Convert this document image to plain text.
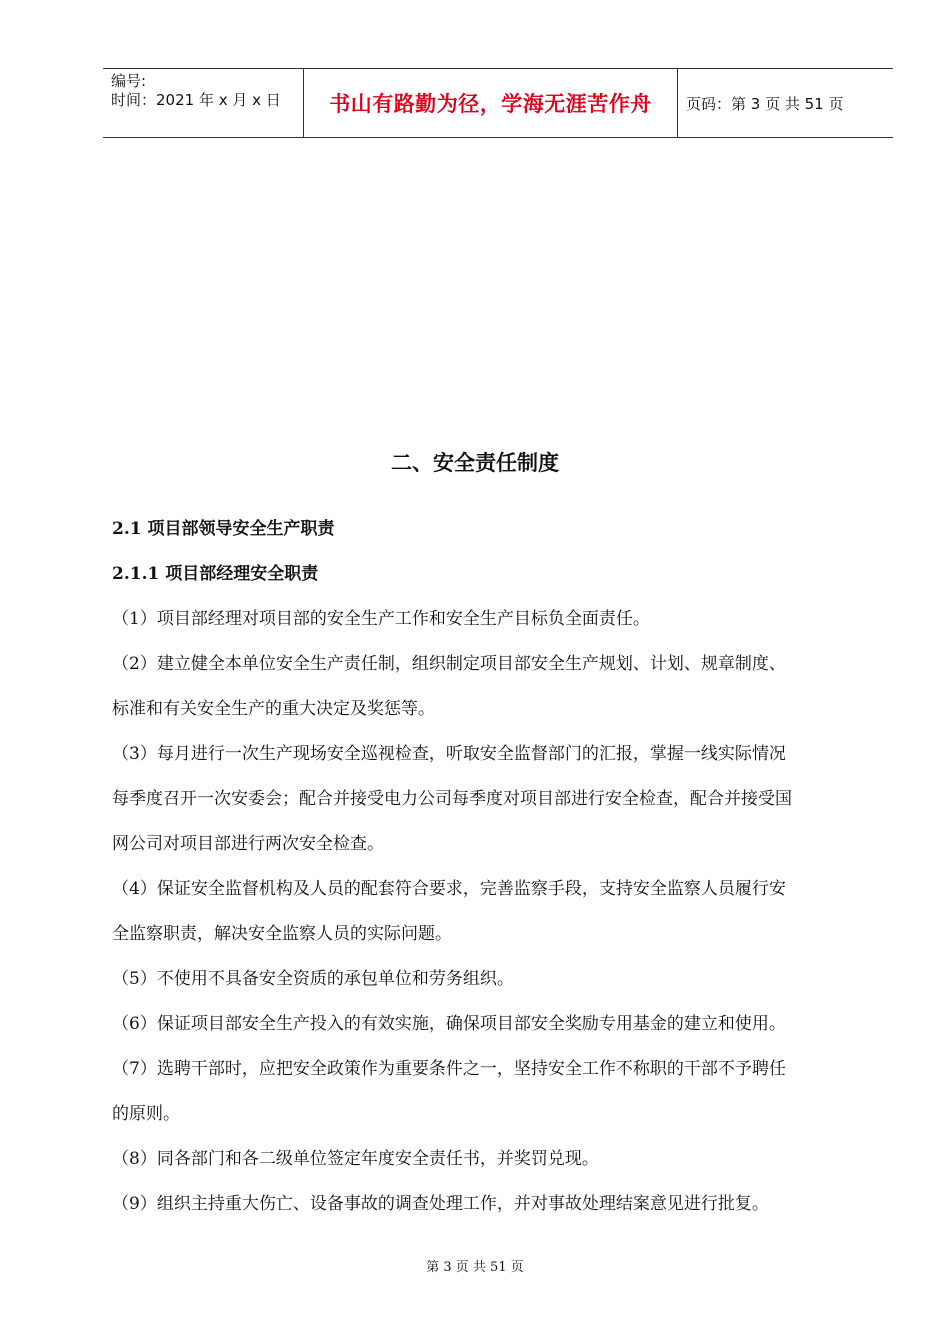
编号:
时间：2021 年 x 月 x 日 书山有路勤为径，学海无涯苦作舟 页码：第 3 页 共 51 页
二、安全责任制度
2.1 项目部领导安全生产职责
2.1.1 项目部经理安全职责
（1）项目部经理对项目部的安全生产工作和安全生产目标负全面责任。
（2）建立健全本单位安全生产责任制，组织制定项目部安全生产规划、计划、规章制度、
标准和有关安全生产的重大决定及奖惩等。
（3）每月进行一次生产现场安全巡视检查，听取安全监督部门的汇报，掌握一线实际情况
每季度召开一次安委会；配合并接受电力公司每季度对项目部进行安全检查，配合并接受国
网公司对项目部进行两次安全检查。
（4）保证安全监督机构及人员的配套符合要求，完善监察手段，支持安全监察人员履行安
全监察职责，解决安全监察人员的实际问题。
（5）不使用不具备安全资质的承包单位和劳务组织。
（6）保证项目部安全生产投入的有效实施，确保项目部安全奖励专用基金的建立和使用。
（7）选聘干部时，应把安全政策作为重要条件之一，坚持安全工作不称职的干部不予聘任
的原则。
（8）同各部门和各二级单位签定年度安全责任书，并奖罚兑现。
（9）组织主持重大伤亡、设备事故的调查处理工作，并对事故处理结案意见进行批复。
第 3 页 共 51 页
